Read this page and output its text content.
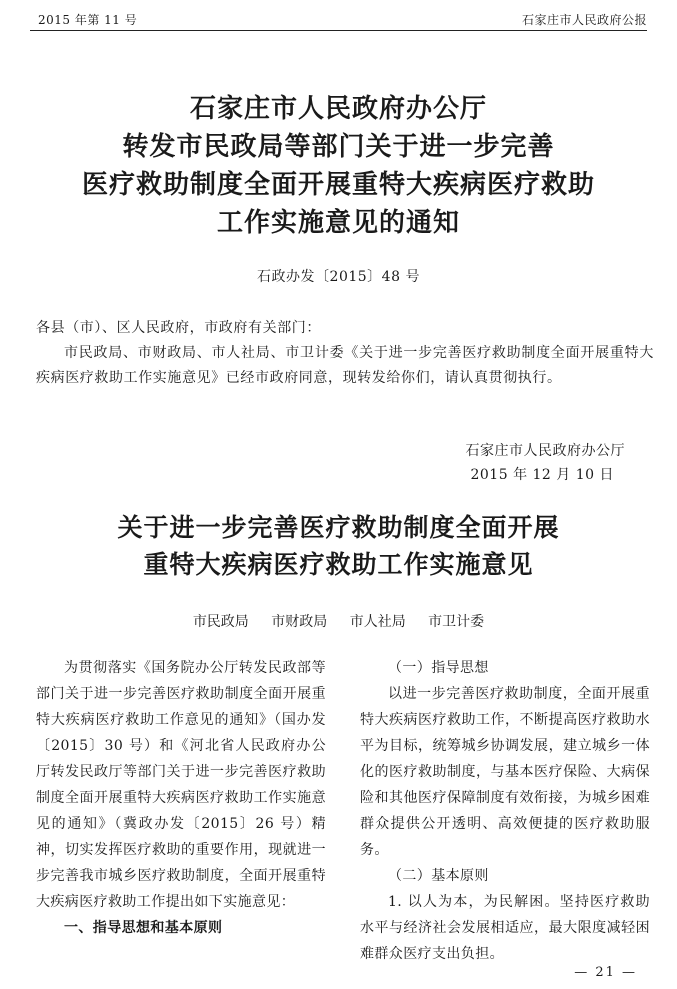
2015 年第 11 号	石家庄市人民政府公报
石家庄市人民政府办公厅
转发市民政局等部门关于进一步完善
医疗救助制度全面开展重特大疾病医疗救助
工作实施意见的通知
石政办发〔2015〕48 号
各县（市）、区人民政府，市政府有关部门：
市民政局、市财政局、市人社局、市卫计委《关于进一步完善医疗救助制度全面开展重特大疾病医疗救助工作实施意见》已经市政府同意，现转发给你们，请认真贯彻执行。
石家庄市人民政府办公厅
2015 年 12 月 10 日
关于进一步完善医疗救助制度全面开展
重特大疾病医疗救助工作实施意见
市民政局 市财政局 市人社局 市卫计委
为贯彻落实《国务院办公厅转发民政部等部门关于进一步完善医疗救助制度全面开展重特大疾病医疗救助工作意见的通知》（国办发〔2015〕30 号）和《河北省人民政府办公厅转发民政厅等部门关于进一步完善医疗救助制度全面开展重特大疾病医疗救助工作实施意见的通知》（冀政办发〔2015〕26 号）精神，切实发挥医疗救助的重要作用，现就进一步完善我市城乡医疗救助制度，全面开展重特大疾病医疗救助工作提出如下实施意见：
一、指导思想和基本原则
（一）指导思想
以进一步完善医疗救助制度，全面开展重特大疾病医疗救助工作，不断提高医疗救助水平为目标，统筹城乡协调发展，建立城乡一体化的医疗救助制度，与基本医疗保险、大病保险和其他医疗保障制度有效衔接，为城乡困难群众提供公开透明、高效便捷的医疗救助服务。
（二）基本原则
1. 以人为本，为民解困。坚持医疗救助水平与经济社会发展相适应，最大限度减轻困难群众医疗支出负担。
— 21 —
